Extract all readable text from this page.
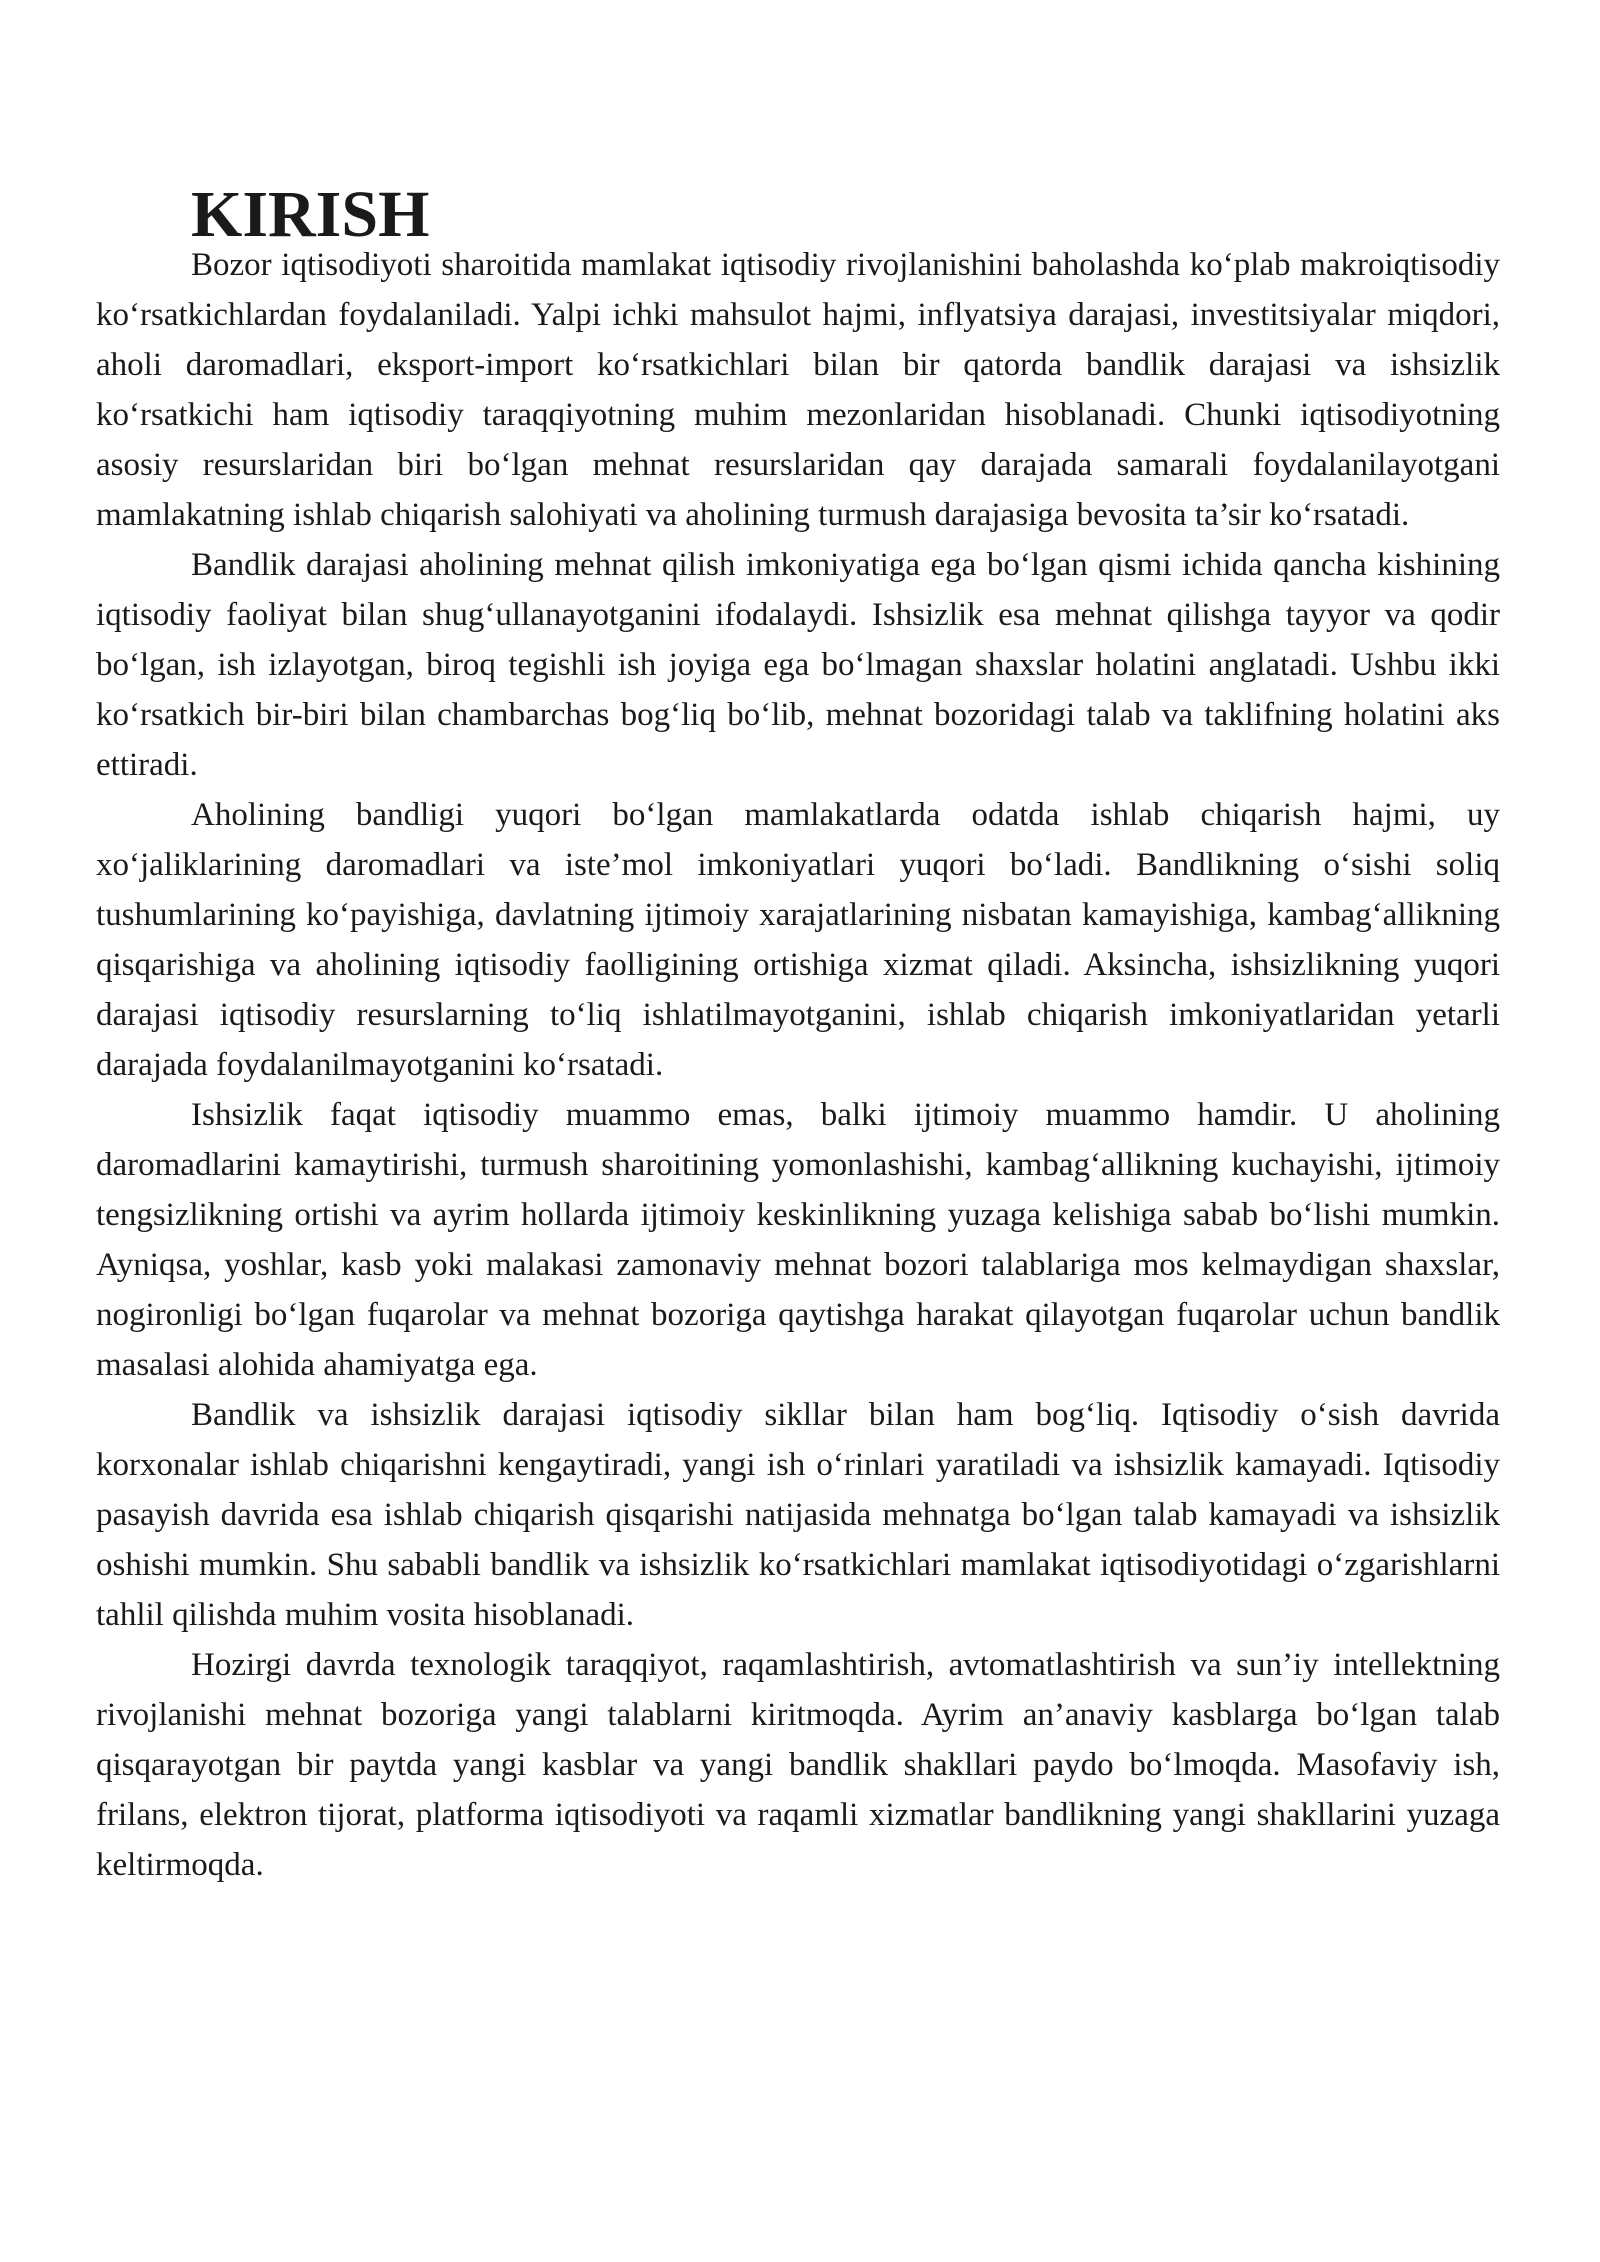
KIRISH

Bozor iqtisodiyoti sharoitida mamlakat iqtisodiy rivojlanishini baholashda ko‘plab makroiqtisodiy ko‘rsatkichlardan foydalaniladi. Yalpi ichki mahsulot hajmi, inflyatsiya darajasi, investitsiyalar miqdori, aholi daromadlari, eksport-import ko‘rsatkichlari bilan bir qatorda bandlik darajasi va ishsizlik ko‘rsatkichi ham iqtisodiy taraqqiyotning muhim mezonlaridan hisoblanadi. Chunki iqtisodiyotning asosiy resurslaridan biri bo‘lgan mehnat resurslaridan qay darajada samarali foydalanilayotgani mamlakatning ishlab chiqarish salohiyati va aholining turmush darajasiga bevosita ta’sir ko‘rsatadi.

Bandlik darajasi aholining mehnat qilish imkoniyatiga ega bo‘lgan qismi ichida qancha kishining iqtisodiy faoliyat bilan shug‘ullanayotganini ifodalaydi. Ishsizlik esa mehnat qilishga tayyor va qodir bo‘lgan, ish izlayotgan, biroq tegishli ish joyiga ega bo‘lmagan shaxslar holatini anglatadi. Ushbu ikki ko‘rsatkich bir-biri bilan chambarchas bog‘liq bo‘lib, mehnat bozoridagi talab va taklifning holatini aks ettiradi.

Aholining bandligi yuqori bo‘lgan mamlakatlarda odatda ishlab chiqarish hajmi, uy xo‘jaliklarining daromadlari va iste’mol imkoniyatlari yuqori bo‘ladi. Bandlikning o‘sishi soliq tushumlarining ko‘payishiga, davlatning ijtimoiy xarajatlarining nisbatan kamayishiga, kambag‘allikning qisqarishiga va aholining iqtisodiy faolligining ortishiga xizmat qiladi. Aksincha, ishsizlikning yuqori darajasi iqtisodiy resurslarning to‘liq ishlatilmayotganini, ishlab chiqarish imkoniyatlaridan yetarli darajada foydalanilmayotganini ko‘rsatadi.

Ishsizlik faqat iqtisodiy muammo emas, balki ijtimoiy muammo hamdir. U aholining daromadlarini kamaytirishi, turmush sharoitining yomonlashishi, kambag‘allikning kuchayishi, ijtimoiy tengsizlikning ortishi va ayrim hollarda ijtimoiy keskinlikning yuzaga kelishiga sabab bo‘lishi mumkin. Ayniqsa, yoshlar, kasb yoki malakasi zamonaviy mehnat bozori talablariga mos kelmaydigan shaxslar, nogironligi bo‘lgan fuqarolar va mehnat bozoriga qaytishga harakat qilayotgan fuqarolar uchun bandlik masalasi alohida ahamiyatga ega.

Bandlik va ishsizlik darajasi iqtisodiy sikllar bilan ham bog‘liq. Iqtisodiy o‘sish davrida korxonalar ishlab chiqarishni kengaytiradi, yangi ish o‘rinlari yaratiladi va ishsizlik kamayadi. Iqtisodiy pasayish davrida esa ishlab chiqarish qisqarishi natijasida mehnatga bo‘lgan talab kamayadi va ishsizlik oshishi mumkin. Shu sababli bandlik va ishsizlik ko‘rsatkichlari mamlakat iqtisodiyotidagi o‘zgarishlarni tahlil qilishda muhim vosita hisoblanadi.

Hozirgi davrda texnologik taraqqiyot, raqamlashtirish, avtomatlashtirish va sun’iy intellektning rivojlanishi mehnat bozoriga yangi talablarni kiritmoqda. Ayrim an’anaviy kasblarga bo‘lgan talab qisqarayotgan bir paytda yangi kasblar va yangi bandlik shakllari paydo bo‘lmoqda. Masofaviy ish, frilans, elektron tijorat, platforma iqtisodiyoti va raqamli xizmatlar bandlikning yangi shakllarini yuzaga keltirmoqda.
